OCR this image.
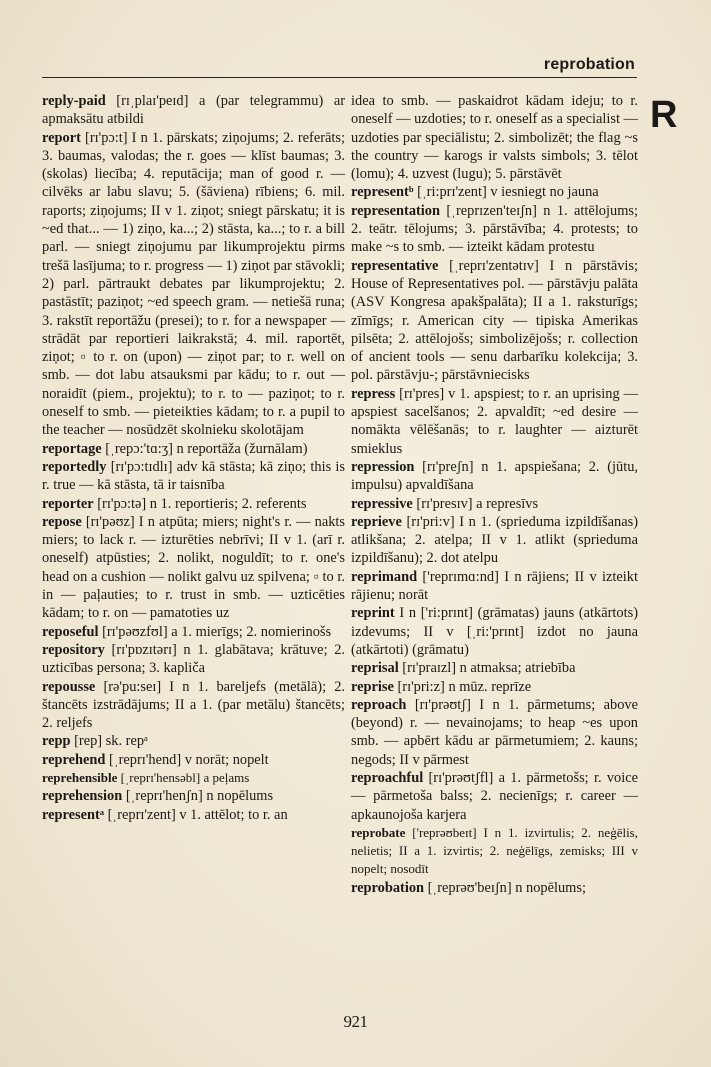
reprobation
R

reply-paid [rɪˌplaɪ'peɪd] a (par telegrammu) ar apmaksātu atbildi

report [rɪ'pɔ:t] I n 1. pārskats; ziņojums; 2. referāts; 3. baumas, valodas; the r. goes — klīst baumas; 3. (skolas) liecība; 4. reputācija; man of good r. — cilvēks ar labu slavu; 5. (šāviena) rībiens; 6. mil. raports; ziņojums; II v 1. ziņot; sniegt pārskatu; it is ~ed that... — 1) ziņo, ka...; 2) stāsta, ka...; to r. a bill parl. — sniegt ziņojumu par likumprojektu pirms trešā lasījuma; to r. progress — 1) ziņot par stāvokli; 2) parl. pārtraukt debates par likumprojektu; 2. pastāstīt; paziņot; ~ed speech gram. — netiešā runa; 3. rakstīt reportāžu (presei); to r. for a newspaper — strādāt par reportieri laikrakstā; 4. mil. raportēt, ziņot; ▫ to r. on (upon) — ziņot par; to r. well on smb. — dot labu atsauksmi par kādu; to r. out — noraidīt (piem., projektu); to r. to — paziņot; to r. oneself to smb. — pieteikties kādam; to r. a pupil to the teacher — nosūdzēt skolnieku skolotājam

reportage [ˌrepɔ:'tɑ:ʒ] n reportāža (žurnālam)

reportedly [rɪ'pɔ:tɪdlɪ] adv kā stāsta; kā ziņo; this is r. true — kā stāsta, tā ir taisnība

reporter [rɪ'pɔ:tə] n 1. reportieris; 2. referents

repose [rɪ'pəʊz] I n atpūta; miers; night's r. — nakts miers; to lack r. — izturēties nebrīvi; II v 1. (arī r. oneself) atpūsties; 2. nolikt, noguldīt; to r. one's head on a cushion — nolikt galvu uz spilvena; ▫ to r. in — paļauties; to r. trust in smb. — uzticēties kādam; to r. on — pamatoties uz

reposeful [rɪ'pəʊzfʊl] a 1. mierīgs; 2. nomierinošs

repository [rɪ'pɒzɪtərɪ] n 1. glabātava; krātuve; 2. uzticības persona; 3. kapliča

repousse [rə'pu:seɪ] I n 1. bareljefs (metālā); 2. štancēts izstrādājums; II a 1. (par metālu) štancēts; 2. reljefs

repp [rep] sk. repᵃ

reprehend [ˌreprɪ'hend] v norāt; nopelt

reprehensible [ˌreprɪ'hensəbl] a peļams

reprehension [ˌreprɪ'henʃn] n nopēlums

representᵃ [ˌreprɪ'zent] v 1. attēlot; to r. an

idea to smb. — paskaidrot kādam ideju; to r. oneself — uzdoties; to r. oneself as a specialist — uzdoties par speciālistu; 2. simbolizēt; the flag ~s the country — karogs ir valsts simbols; 3. tēlot (lomu); 4. uzvest (lugu); 5. pārstāvēt

representᵇ [ˌri:prɪ'zent] v iesniegt no jauna

representation [ˌreprɪzen'teɪʃn] n 1. attēlojums; 2. teātr. tēlojums; 3. pārstāvība; 4. protests; to make ~s to smb. — izteikt kādam protestu

representative [ˌreprɪ'zentətɪv] I n pārstāvis; House of Representatives pol. — pārstāvju palāta (ASV Kongresa apakšpalāta); II a 1. raksturīgs; zīmīgs; r. American city — tipiska Amerikas pilsēta; 2. attēlojošs; simbolizējošs; r. collection of ancient tools — senu darbarīku kolekcija; 3. pol. pārstāvju-; pārstāvniecisks

repress [rɪ'pres] v 1. apspiest; to r. an uprising — apspiest sacelšanos; 2. apvaldīt; ~ed desire — nomākta vēlēšanās; to r. laughter — aizturēt smieklus

repression [rɪ'preʃn] n 1. apspiešana; 2. (jūtu, impulsu) apvaldīšana

repressive [rɪ'presɪv] a represīvs

reprieve [rɪ'pri:v] I n 1. (sprieduma izpildīšanas) atlikšana; 2. atelpa; II v 1. atlikt (sprieduma izpildīšanu); 2. dot atelpu

reprimand ['reprɪmɑ:nd] I n rājiens; II v izteikt rājienu; norāt

reprint I n ['ri:prɪnt] (grāmatas) jauns (atkārtots) izdevums; II v [ˌri:'prɪnt] izdot no jauna (atkārtoti) (grāmatu)

reprisal [rɪ'praɪzl] n atmaksa; atriebība

reprise [rɪ'pri:z] n mūz. reprīze

reproach [rɪ'prəʊtʃ] I n 1. pārmetums; above (beyond) r. — nevainojams; to heap ~es upon smb. — apbērt kādu ar pārmetumiem; 2. kauns; negods; II v pārmest

reproachful [rɪ'prəʊtʃfl] a 1. pārmetošs; r. voice — pārmetoša balss; 2. necienīgs; r. career — apkaunojoša karjera

reprobate ['reprəʊbeɪt] I n 1. izvirtulis; 2. neģēlis, nelietis; II a 1. izvirtis; 2. neģēlīgs, zemisks; III v nopelt; nosodīt

reprobation [ˌreprəʊ'beɪʃn] n nopēlums;

921
